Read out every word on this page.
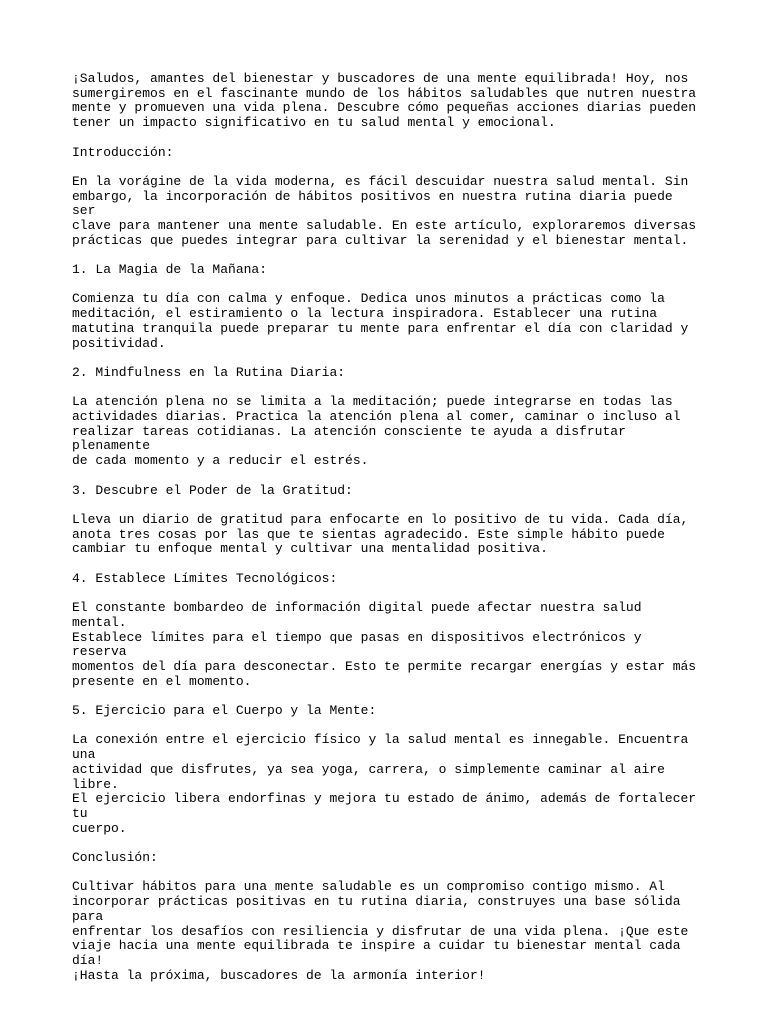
¡Saludos, amantes del bienestar y buscadores de una mente equilibrada! Hoy, nos
sumergiremos en el fascinante mundo de los hábitos saludables que nutren nuestra
mente y promueven una vida plena. Descubre cómo pequeñas acciones diarias pueden
tener un impacto significativo en tu salud mental y emocional.

Introducción:

En la vorágine de la vida moderna, es fácil descuidar nuestra salud mental. Sin
embargo, la incorporación de hábitos positivos en nuestra rutina diaria puede ser
clave para mantener una mente saludable. En este artículo, exploraremos diversas
prácticas que puedes integrar para cultivar la serenidad y el bienestar mental.

1. La Magia de la Mañana:

Comienza tu día con calma y enfoque. Dedica unos minutos a prácticas como la
meditación, el estiramiento o la lectura inspiradora. Establecer una rutina
matutina tranquila puede preparar tu mente para enfrentar el día con claridad y
positividad.

2. Mindfulness en la Rutina Diaria:

La atención plena no se limita a la meditación; puede integrarse en todas las
actividades diarias. Practica la atención plena al comer, caminar o incluso al
realizar tareas cotidianas. La atención consciente te ayuda a disfrutar plenamente
de cada momento y a reducir el estrés.

3. Descubre el Poder de la Gratitud:

Lleva un diario de gratitud para enfocarte en lo positivo de tu vida. Cada día,
anota tres cosas por las que te sientas agradecido. Este simple hábito puede
cambiar tu enfoque mental y cultivar una mentalidad positiva.

4. Establece Límites Tecnológicos:

El constante bombardeo de información digital puede afectar nuestra salud mental.
Establece límites para el tiempo que pasas en dispositivos electrónicos y reserva
momentos del día para desconectar. Esto te permite recargar energías y estar más
presente en el momento.

5. Ejercicio para el Cuerpo y la Mente:

La conexión entre el ejercicio físico y la salud mental es innegable. Encuentra una
actividad que disfrutes, ya sea yoga, carrera, o simplemente caminar al aire libre.
El ejercicio libera endorfinas y mejora tu estado de ánimo, además de fortalecer tu
cuerpo.

Conclusión:

Cultivar hábitos para una mente saludable es un compromiso contigo mismo. Al
incorporar prácticas positivas en tu rutina diaria, construyes una base sólida para
enfrentar los desafíos con resiliencia y disfrutar de una vida plena. ¡Que este
viaje hacia una mente equilibrada te inspire a cuidar tu bienestar mental cada día!
¡Hasta la próxima, buscadores de la armonía interior!
